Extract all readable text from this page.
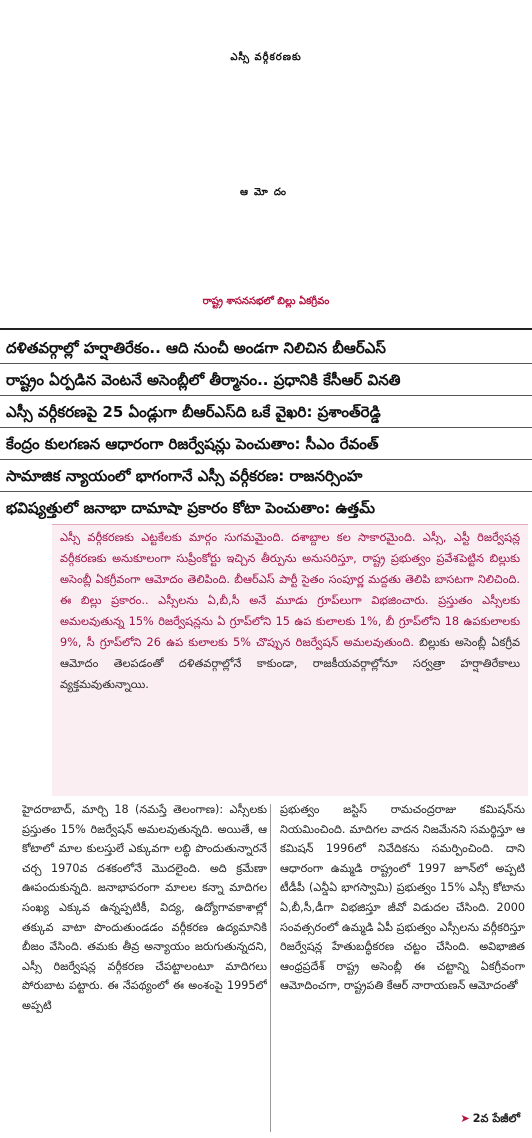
ఎస్సీ వర్గీకరణకు
ఆమోదం
రాష్ట్ర శాసనసభలో బిల్లు ఏకగ్రీవం
దళితవర్గాల్లో హర్షాతిరేకం.. ఆది నుంచీ అండగా నిలిచిన బీఆర్ఎస్
రాష్ట్రం ఏర్పడిన వెంటనే అసెంబ్లీలో తీర్మానం.. ప్రధానికి కేసీఆర్ వినతి
ఎస్సీ వర్గీకరణపై 25 ఏండ్లుగా బీఆర్ఎస్‌ది ఒకే వైఖరి: ప్రశాంత్‌రెడ్డి
కేంద్రం కులగణన ఆధారంగా రిజర్వేషన్లు పెంచుతాం: సీఎం రేవంత్
సామాజిక న్యాయంలో భాగంగానే ఎస్సీ వర్గీకరణ: రాజనర్సింహ

ఎస్సీ వర్గీకరణకు ఎట్టకేలకు మార్గం సుగమమైంది. దశాబ్దాల కల సాకారమైంది. ఎస్సీ, ఎస్టీ రిజర్వేషన్ల వర్గీకరణకు అనుకూలంగా సుప్రీంకోర్టు ఇచ్చిన తీర్పును అనుసరిస్తూ, రాష్ట్ర ప్రభుత్వం ప్రవేశపెట్టిన బిల్లుకు అసెంబ్లీ ఏకగ్రీవంగా ఆమోదం తెలిపింది. బీఆర్ఎస్ పార్టీ సైతం సంపూర్ణ మద్దతు తెలిపి బాసటగా నిలిచింది. ఈ బిల్లు ప్రకారం.. ఎస్సీలను ఏ,బీ,సీ అనే మూడు గ్రూప్‌లుగా విభజించారు. ప్రస్తుతం ఎస్సీలకు అమలవుతున్న 15% రిజర్వేషన్లను ఏ గ్రూప్‌లోని 15 ఉప కులాలకు 1%, బీ గ్రూప్‌లోని 18 ఉపకులాలకు 9%, సీ గ్రూప్‌లోని 26 ఉప కులాలకు 5% చొప్పున రిజర్వేషన్ అమలవుతుంది. బిల్లుకు అసెంబ్లీ ఏకగ్రీవ ఆమోదం తెలపడంతో దళితవర్గాల్లోనే కాకుండా, రాజకీయవర్గాల్లోనూ సర్వత్రా హర్షాతిరేకాలు వ్యక్తమవుతున్నాయి.

హైదరాబాద్, మార్చి 18 (నమస్తే తెలంగాణ): ఎస్సీలకు ప్రస్తుతం 15% రిజర్వేషన్ అమలవుతున్నది. అయితే, ఆ కోటాలో మాల కులస్తులే ఎక్కువగా లబ్ధి పొందుతున్నారనే చర్చ 1970వ దశకంలోనే మొదలైంది. అది క్రమేణా ఊపందుకున్నది. జనాభాపరంగా మాలల కన్నా మాదిగల సంఖ్య ఎక్కువ ఉన్నప్పటికీ, విద్య, ఉద్యోగావకాశాల్లో తక్కువ వాటా పొందుతుండడం వర్గీకరణ ఉద్యమానికి బీజం వేసింది. తమకు తీవ్ర అన్యాయం జరుగుతున్నదని, ఎస్సీ రిజర్వేషన్ల వర్గీకరణ చేపట్టాలంటూ మాదిగలు పోరుబాట పట్టారు. ఈ నేపథ్యంలో ఈ అంశంపై 1995లో అప్పటి

ప్రభుత్వం జస్టిస్ రామచంద్రరాజు కమిషన్‌ను నియమించింది. మాదిగల వాదన నిజమేనని సమర్థిస్తూ ఆ కమిషన్ 1996లో నివేదికను సమర్పించింది. దాని ఆధారంగా ఉమ్మడి రాష్ట్రంలో 1997 జూన్‌లో అప్పటి టీడీపీ (ఎన్డీఏ భాగస్వామి) ప్రభుత్వం 15% ఎస్సీ కోటాను ఏ,బీ,సీ,డీగా విభజిస్తూ జీవో విడుదల చేసింది. 2000 సంవత్సరంలో ఉమ్మడి ఏపీ ప్రభుత్వం ఎస్సీలను వర్గీకరిస్తూ రిజర్వేషన్ల హేతుబద్ధీకరణ చట్టం చేసింది. అవిభాజిత ఆంధ్రప్రదేశ్ రాష్ట్ర అసెంబ్లీ ఈ చట్టాన్ని ఏకగ్రీవంగా ఆమోదించగా, రాష్ట్రపతి కేఆర్ నారాయణన్ ఆమోదంతో

➤ 2వ పేజీలో
భవిష్యత్తులో జనాభా దామాషా ప్రకారం కోటా పెంచుతాం: ఉత్తమ్
